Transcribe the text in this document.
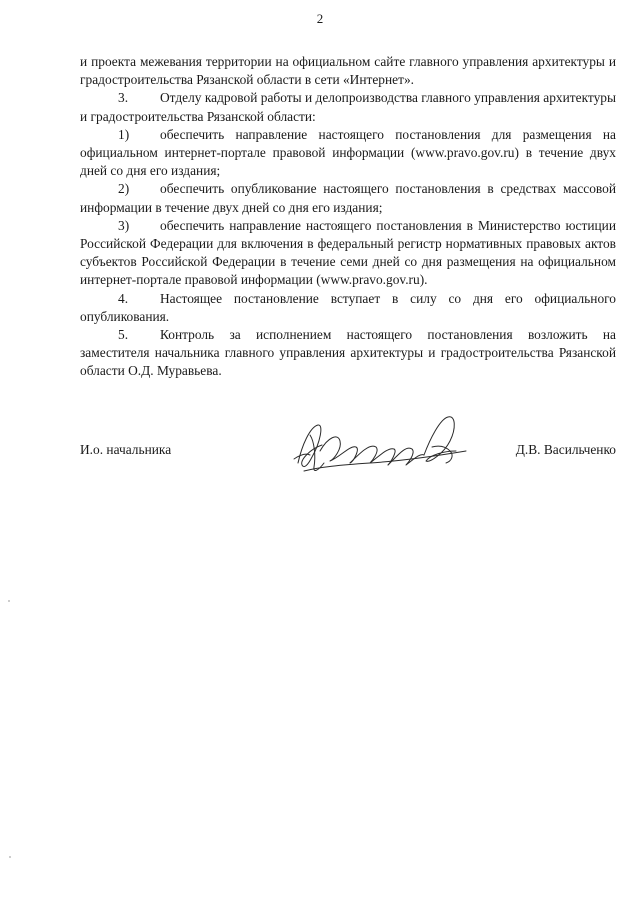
2

и проекта межевания территории на официальном сайте главного управления архитектуры и градостроительства Рязанской области в сети «Интернет».

3. Отделу кадровой работы и делопроизводства главного управления архитектуры и градостроительства Рязанской области:

1) обеспечить направление настоящего постановления для размещения на официальном интернет-портале правовой информации (www.pravo.gov.ru) в течение двух дней со дня его издания;

2) обеспечить опубликование настоящего постановления в средствах массовой информации в течение двух дней со дня его издания;

3) обеспечить направление настоящего постановления в Министерство юстиции Российской Федерации для включения в федеральный регистр нормативных правовых актов субъектов Российской Федерации в течение семи дней со дня размещения на официальном интернет-портале правовой информации (www.pravo.gov.ru).

4. Настоящее постановление вступает в силу со дня его официального опубликования.

5. Контроль за исполнением настоящего постановления возложить на заместителя начальника главного управления архитектуры и градостроительства Рязанской области О.Д. Муравьева.

И.о. начальника	Д.В. Васильченко
